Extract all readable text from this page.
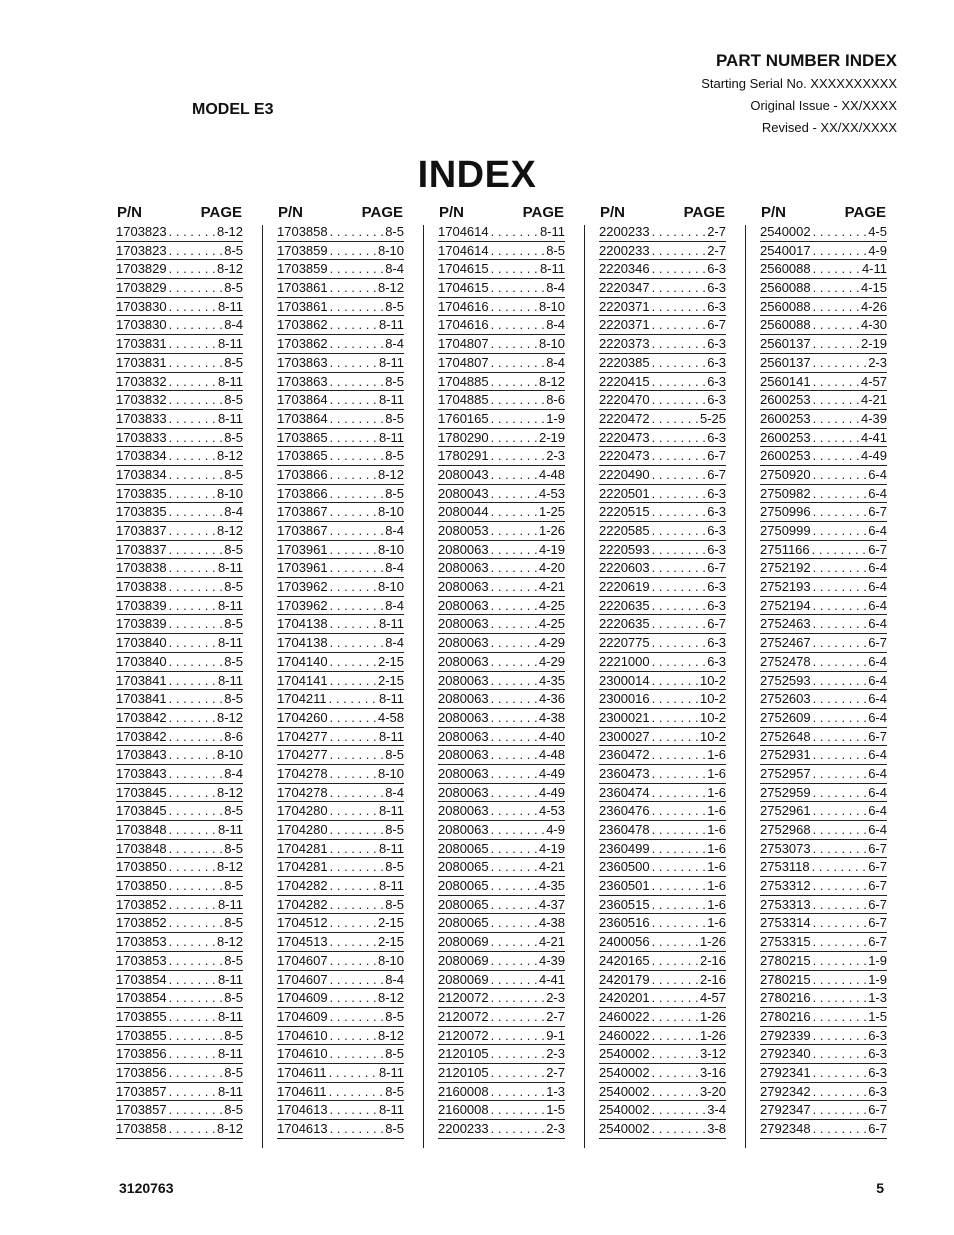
PART NUMBER INDEX
Starting Serial No. XXXXXXXXXX
Original Issue - XX/XXXX
Revised - XX/XX/XXXX
MODEL E3
INDEX
P/N	PAGE
1703823 . . .	8-12
1703823 . . .	8-5
1703829 . . .	8-12
1703829 . . .	8-5
1703830 . . .	8-11
1703830 . . .	8-4
1703831 . . .	8-11
1703831 . . .	8-5
1703832 . . .	8-11
1703832 . . .	8-5
1703833 . . .	8-11
1703833 . . .	8-5
1703834 . . .	8-12
1703834 . . .	8-5
1703835 . . .	8-10
1703835 . . .	8-4
1703837 . . .	8-12
1703837 . . .	8-5
1703838 . . .	8-11
1703838 . . .	8-5
1703839 . . .	8-11
1703839 . . .	8-5
1703840 . . .	8-11
1703840 . . .	8-5
1703841 . . .	8-11
1703841 . . .	8-5
1703842 . . .	8-12
1703842 . . .	8-6
1703843 . . .	8-10
1703843 . . .	8-4
1703845 . . .	8-12
1703845 . . .	8-5
1703848 . . .	8-11
1703848 . . .	8-5
1703850 . . .	8-12
1703850 . . .	8-5
1703852 . . .	8-11
1703852 . . .	8-5
1703853 . . .	8-12
1703853 . . .	8-5
1703854 . . .	8-11
1703854 . . .	8-5
1703855 . . .	8-11
1703855 . . .	8-5
1703856 . . .	8-11
1703856 . . .	8-5
1703857 . . .	8-11
1703857 . . .	8-5
1703858 . . .	8-12
P/N	PAGE
1703858 . . .	8-5
1703859 . . .	8-10
1703859 . . .	8-4
1703861 . . .	8-12
1703861 . . .	8-5
1703862 . . .	8-11
1703862 . . .	8-4
1703863 . . .	8-11
1703863 . . .	8-5
1703864 . . .	8-11
1703864 . . .	8-5
1703865 . . .	8-11
1703865 . . .	8-5
1703866 . . .	8-12
1703866 . . .	8-5
1703867 . . .	8-10
1703867 . . .	8-4
1703961 . . .	8-10
1703961 . . .	8-4
1703962 . . .	8-10
1703962 . . .	8-4
1704138 . . .	8-11
1704138 . . .	8-4
1704140 . . .	2-15
1704141 . . .	2-15
1704211 . . .	8-11
1704260 . . .	4-58
1704277 . . .	8-11
1704277 . . .	8-5
1704278 . . .	8-10
1704278 . . .	8-4
1704280 . . .	8-11
1704280 . . .	8-5
1704281 . . .	8-11
1704281 . . .	8-5
1704282 . . .	8-11
1704282 . . .	8-5
1704512 . . .	2-15
1704513 . . .	2-15
1704607 . . .	8-10
1704607 . . .	8-4
1704609 . . .	8-12
1704609 . . .	8-5
1704610 . . .	8-12
1704610 . . .	8-5
1704611 . . .	8-11
1704611 . . .	8-5
1704613 . . .	8-11
1704613 . . .	8-5
P/N	PAGE
1704614 . . .	8-11
1704614 . . .	8-5
1704615 . . .	8-11
1704615 . . .	8-4
1704616 . . .	8-10
1704616 . . .	8-4
1704807 . . .	8-10
1704807 . . .	8-4
1704885 . . .	8-12
1704885 . . .	8-6
1760165 . . .	1-9
1780290 . . .	2-19
1780291 . . .	2-3
2080043 . . .	4-48
2080043 . . .	4-53
2080044 . . .	1-25
2080053 . . .	1-26
2080063 . . .	4-19
2080063 . . .	4-20
2080063 . . .	4-21
2080063 . . .	4-25
2080063 . . .	4-25
2080063 . . .	4-29
2080063 . . .	4-29
2080063 . . .	4-35
2080063 . . .	4-36
2080063 . . .	4-38
2080063 . . .	4-40
2080063 . . .	4-48
2080063 . . .	4-49
2080063 . . .	4-49
2080063 . . .	4-53
2080063 . . .	4-9
2080065 . . .	4-19
2080065 . . .	4-21
2080065 . . .	4-35
2080065 . . .	4-37
2080065 . . .	4-38
2080069 . . .	4-21
2080069 . . .	4-39
2080069 . . .	4-41
2120072 . . .	2-3
2120072 . . .	2-7
2120072 . . .	9-1
2120105 . . .	2-3
2120105 . . .	2-7
2160008 . . .	1-3
2160008 . . .	1-5
2200233 . . .	2-3
P/N	PAGE
2200233 . . .	2-7
2200233 . . .	2-7
2220346 . . .	6-3
2220347 . . .	6-3
2220371 . . .	6-3
2220371 . . .	6-7
2220373 . . .	6-3
2220385 . . .	6-3
2220415 . . .	6-3
2220470 . . .	6-3
2220472 . . .	5-25
2220473 . . .	6-3
2220473 . . .	6-7
2220490 . . .	6-7
2220501 . . .	6-3
2220515 . . .	6-3
2220585 . . .	6-3
2220593 . . .	6-3
2220603 . . .	6-7
2220619 . . .	6-3
2220635 . . .	6-3
2220635 . . .	6-7
2220775 . . .	6-3
2221000 . . .	6-3
2300014 . . .	10-2
2300016 . . .	10-2
2300021 . . .	10-2
2300027 . . .	10-2
2360472 . . .	1-6
2360473 . . .	1-6
2360474 . . .	1-6
2360476 . . .	1-6
2360478 . . .	1-6
2360499 . . .	1-6
2360500 . . .	1-6
2360501 . . .	1-6
2360515 . . .	1-6
2360516 . . .	1-6
2400056 . . .	1-26
2420165 . . .	2-16
2420179 . . .	2-16
2420201 . . .	4-57
2460022 . . .	1-26
2460022 . . .	1-26
2540002 . . .	3-12
2540002 . . .	3-16
2540002 . . .	3-20
2540002 . . .	3-4
2540002 . . .	3-8
P/N	PAGE
2540002 . . .	4-5
2540017 . . .	4-9
2560088 . . .	4-11
2560088 . . .	4-15
2560088 . . .	4-26
2560088 . . .	4-30
2560137 . . .	2-19
2560137 . . .	2-3
2560141 . . .	4-57
2600253 . . .	4-21
2600253 . . .	4-39
2600253 . . .	4-41
2600253 . . .	4-49
2750920 . . .	6-4
2750982 . . .	6-4
2750996 . . .	6-7
2750999 . . .	6-4
2751166 . . .	6-7
2752192 . . .	6-4
2752193 . . .	6-4
2752194 . . .	6-4
2752463 . . .	6-4
2752467 . . .	6-7
2752478 . . .	6-4
2752593 . . .	6-4
2752603 . . .	6-4
2752609 . . .	6-4
2752648 . . .	6-7
2752931 . . .	6-4
2752957 . . .	6-4
2752959 . . .	6-4
2752961 . . .	6-4
2752968 . . .	6-4
2753073 . . .	6-7
2753118 . . .	6-7
2753312 . . .	6-7
2753313 . . .	6-7
2753314 . . .	6-7
2753315 . . .	6-7
2780215 . . .	1-9
2780215 . . .	1-9
2780216 . . .	1-3
2780216 . . .	1-5
2792339 . . .	6-3
2792340 . . .	6-3
2792341 . . .	6-3
2792342 . . .	6-3
2792347 . . .	6-7
2792348 . . .	6-7
3120763	5
